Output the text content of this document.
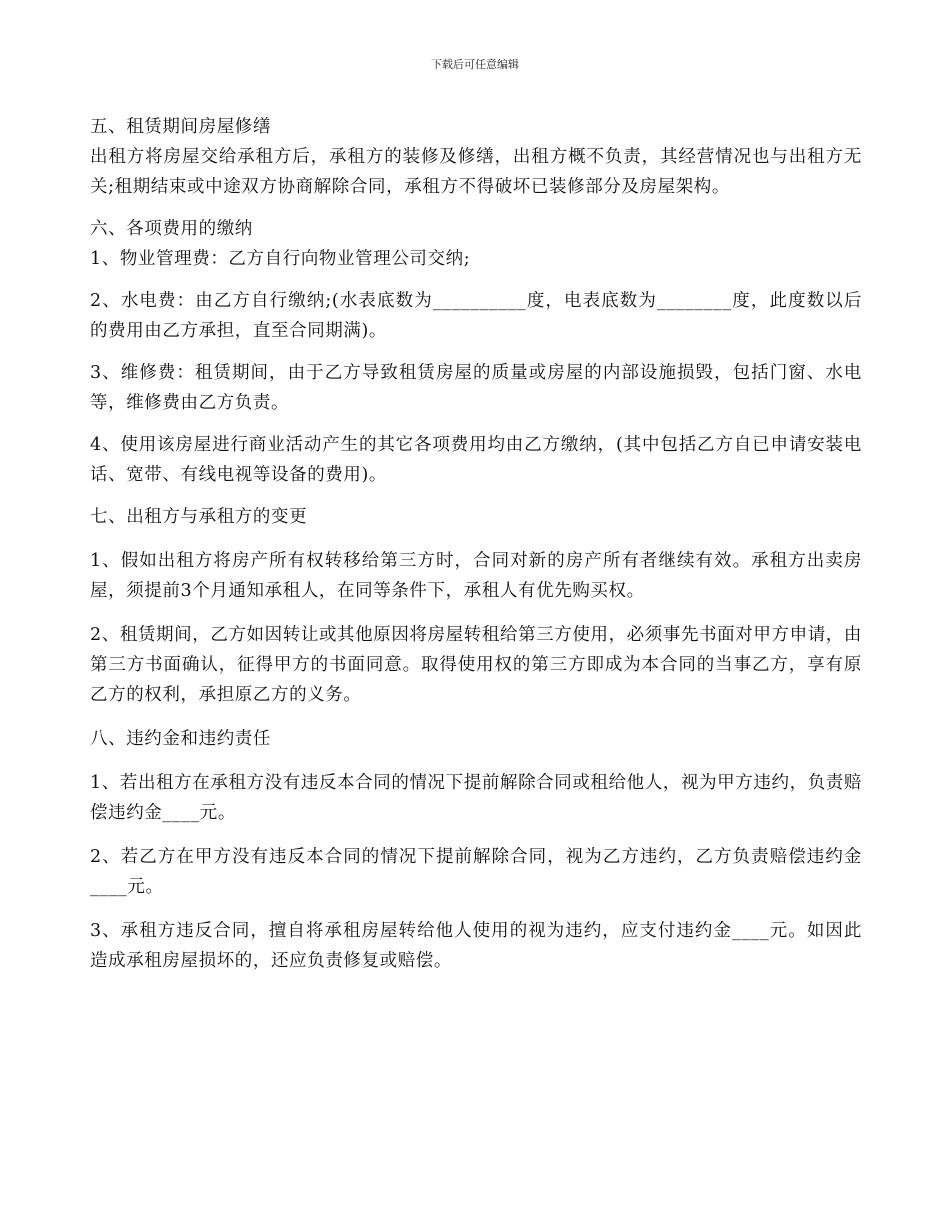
下载后可任意编辑

五、租赁期间房屋修缮

出租方将房屋交给承租方后，承租方的装修及修缮，出租方概不负责，其经营情况也与出租方无关;租期结束或中途双方协商解除合同，承租方不得破坏已装修部分及房屋架构。

六、各项费用的缴纳

1、物业管理费：乙方自行向物业管理公司交纳;

2、水电费：由乙方自行缴纳;(水表底数为__________度，电表底数为________度，此度数以后的费用由乙方承担，直至合同期满)。

3、维修费：租赁期间，由于乙方导致租赁房屋的质量或房屋的内部设施损毁，包括门窗、水电等，维修费由乙方负责。

4、使用该房屋进行商业活动产生的其它各项费用均由乙方缴纳，(其中包括乙方自已申请安装电话、宽带、有线电视等设备的费用)。

七、出租方与承租方的变更

1、假如出租方将房产所有权转移给第三方时，合同对新的房产所有者继续有效。承租方出卖房屋，须提前3个月通知承租人，在同等条件下，承租人有优先购买权。

2、租赁期间，乙方如因转让或其他原因将房屋转租给第三方使用，必须事先书面对甲方申请，由第三方书面确认，征得甲方的书面同意。取得使用权的第三方即成为本合同的当事乙方，享有原乙方的权利，承担原乙方的义务。

八、违约金和违约责任

1、若出租方在承租方没有违反本合同的情况下提前解除合同或租给他人，视为甲方违约，负责赔偿违约金____元。

2、若乙方在甲方没有违反本合同的情况下提前解除合同，视为乙方违约，乙方负责赔偿违约金____元。

3、承租方违反合同，擅自将承租房屋转给他人使用的视为违约，应支付违约金____元。如因此造成承租房屋损坏的，还应负责修复或赔偿。
